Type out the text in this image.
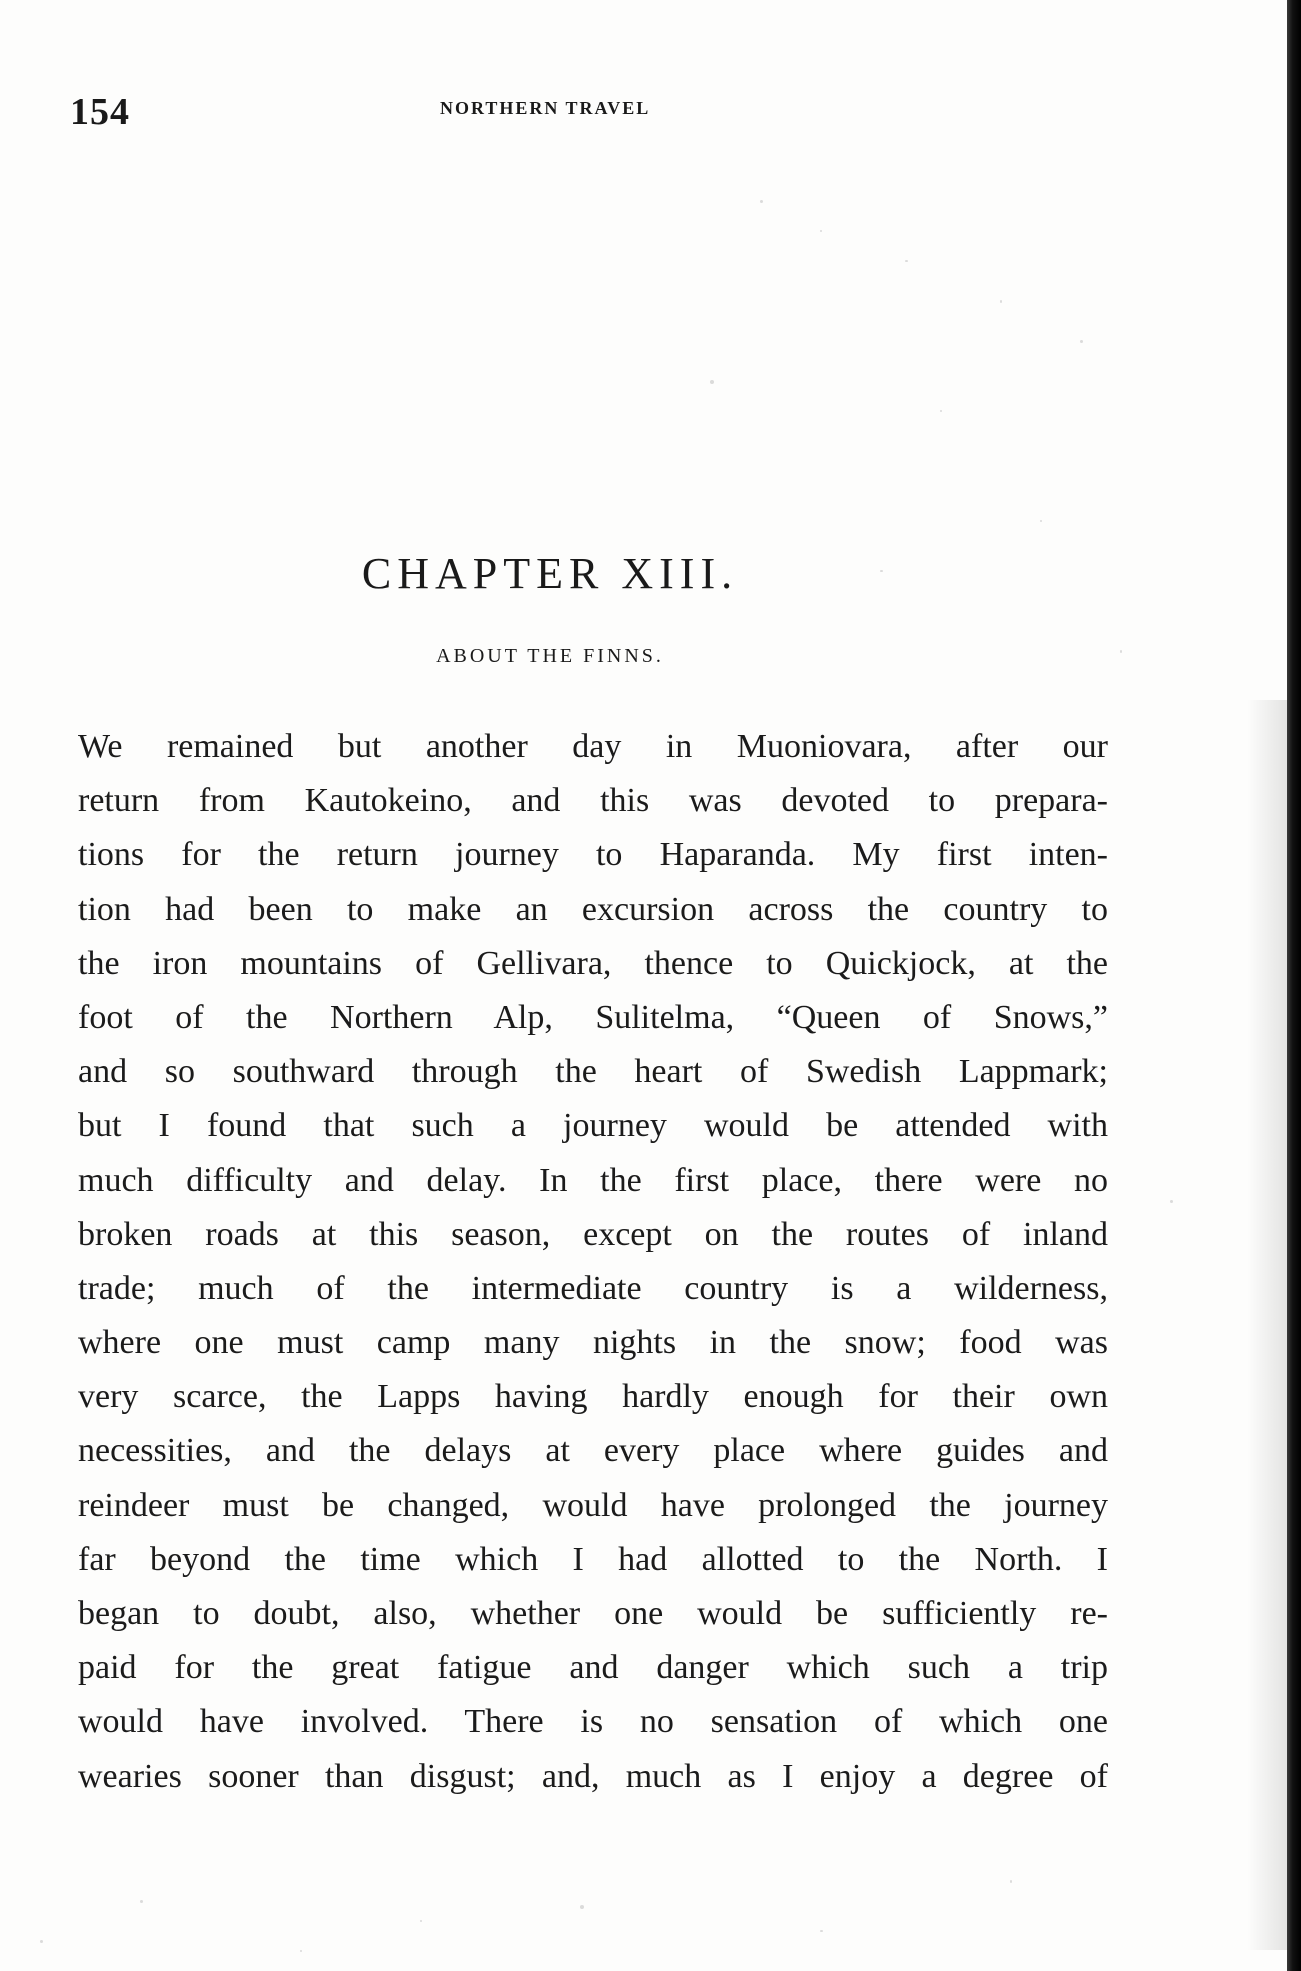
154	NORTHERN TRAVEL
CHAPTER XIII.
ABOUT THE FINNS.
We remained but another day in Muoniovara, after our
return from Kautokeino, and this was devoted to prepara-
tions for the return journey to Haparanda. My first inten-
tion had been to make an excursion across the country to
the iron mountains of Gellivara, thence to Quickjock, at the
foot of the Northern Alp, Sulitelma, “Queen of Snows,”
and so southward through the heart of Swedish Lappmark;
but I found that such a journey would be attended with
much difficulty and delay. In the first place, there were no
broken roads at this season, except on the routes of inland
trade; much of the intermediate country is a wilderness,
where one must camp many nights in the snow; food was
very scarce, the Lapps having hardly enough for their own
necessities, and the delays at every place where guides and
reindeer must be changed, would have prolonged the journey
far beyond the time which I had allotted to the North. I
began to doubt, also, whether one would be sufficiently re-
paid for the great fatigue and danger which such a trip
would have involved. There is no sensation of which one
wearies sooner than disgust; and, much as I enjoy a degree of
